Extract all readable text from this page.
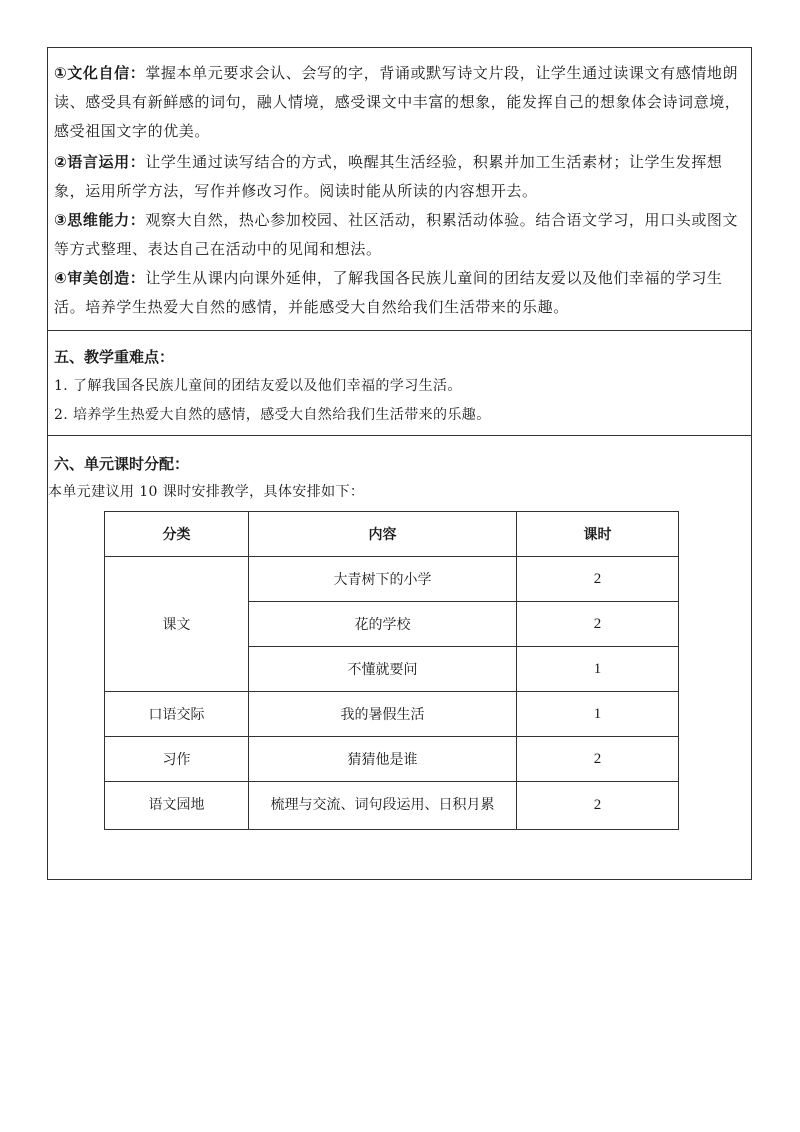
①文化自信：掌握本单元要求会认、会写的字，背诵或默写诗文片段，让学生通过读课文有感情地朗读、感受具有新鲜感的词句，融人情境，感受课文中丰富的想象，能发挥自己的想象体会诗词意境，感受祖国文字的优美。
②语言运用：让学生通过读写结合的方式，唤醒其生活经验，积累并加工生活素材；让学生发挥想象，运用所学方法，写作并修改习作。阅读时能从所读的内容想开去。
③思维能力：观察大自然，热心参加校园、社区活动，积累活动体验。结合语文学习，用口头或图文等方式整理、表达自己在活动中的见闻和想法。
④审美创造：让学生从课内向课外延伸，了解我国各民族儿童间的团结友爱以及他们幸福的学习生活。培养学生热爱大自然的感情，并能感受大自然给我们生活带来的乐趣。
五、教学重难点：
1. 了解我国各民族儿童间的团结友爱以及他们幸福的学习生活。
2. 培养学生热爱大自然的感情，感受大自然给我们生活带来的乐趣。
六、单元课时分配：
本单元建议用 10 课时安排教学，具体安排如下：
分类	内容	课时
课文	大青树下的小学	2
	花的学校	2
	不懂就要问	1
口语交际	我的暑假生活	1
习作	猜猜他是谁	2
语文园地	梳理与交流、词句段运用、日积月累	2
